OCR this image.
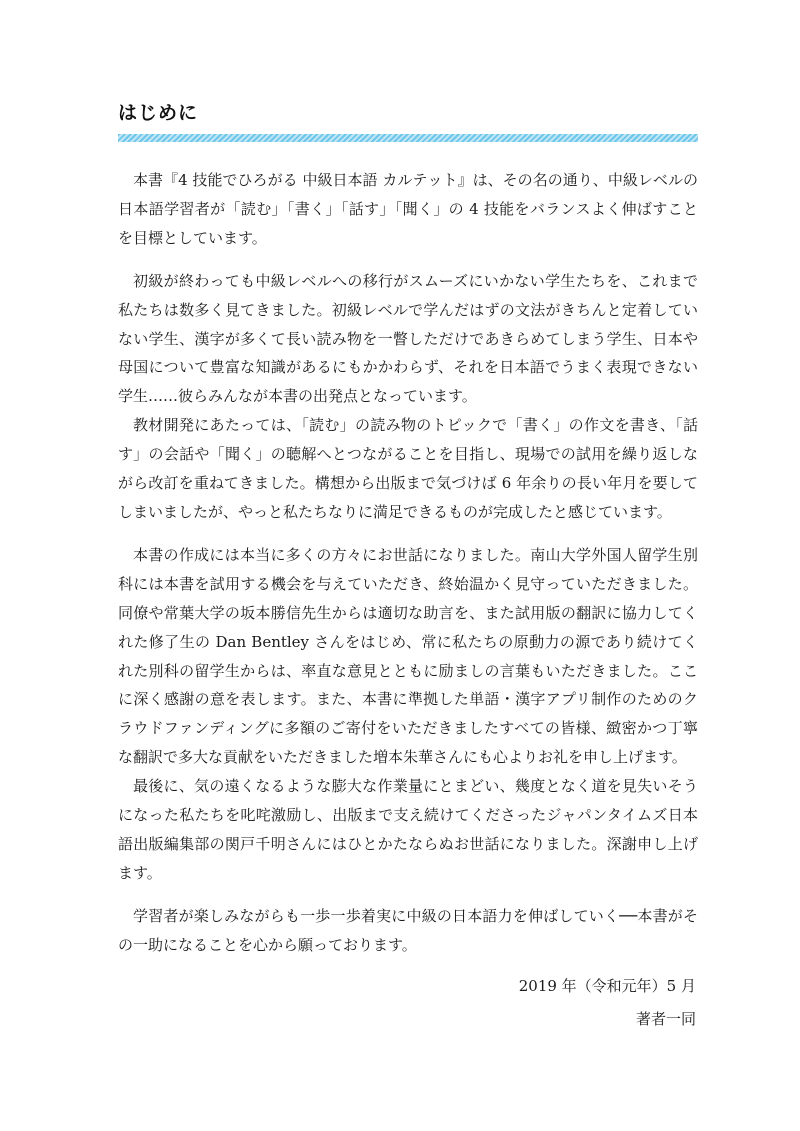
はじめに

本書『4 技能でひろがる 中級日本語 カルテット』は、その名の通り、中級レベルの日本語学習者が「読む」「書く」「話す」「聞く」の 4 技能をバランスよく伸ばすことを目標としています。

初級が終わっても中級レベルへの移行がスムーズにいかない学生たちを、これまで私たちは数多く見てきました。初級レベルで学んだはずの文法がきちんと定着していない学生、漢字が多くて長い読み物を一瞥しただけであきらめてしまう学生、日本や母国について豊富な知識があるにもかかわらず、それを日本語でうまく表現できない学生……彼らみんなが本書の出発点となっています。

教材開発にあたっては、「読む」の読み物のトピックで「書く」の作文を書き、「話す」の会話や「聞く」の聴解へとつながることを目指し、現場での試用を繰り返しながら改訂を重ねてきました。構想から出版まで気づけば 6 年余りの長い年月を要してしまいましたが、やっと私たちなりに満足できるものが完成したと感じています。

本書の作成には本当に多くの方々にお世話になりました。南山大学外国人留学生別科には本書を試用する機会を与えていただき、終始温かく見守っていただきました。同僚や常葉大学の坂本勝信先生からは適切な助言を、また試用版の翻訳に協力してくれた修了生の Dan Bentley さんをはじめ、常に私たちの原動力の源であり続けてくれた別科の留学生からは、率直な意見とともに励ましの言葉もいただきました。ここに深く感謝の意を表します。また、本書に準拠した単語・漢字アプリ制作のためのクラウドファンディングに多額のご寄付をいただきましたすべての皆様、緻密かつ丁寧な翻訳で多大な貢献をいただきました増本朱華さんにも心よりお礼を申し上げます。

最後に、気の遠くなるような膨大な作業量にとまどい、幾度となく道を見失いそうになった私たちを叱咤激励し、出版まで支え続けてくださったジャパンタイムズ日本語出版編集部の関戸千明さんにはひとかたならぬお世話になりました。深謝申し上げます。

学習者が楽しみながらも一歩一歩着実に中級の日本語力を伸ばしていく──本書がその一助になることを心から願っております。

2019 年（令和元年）5 月
著者一同
